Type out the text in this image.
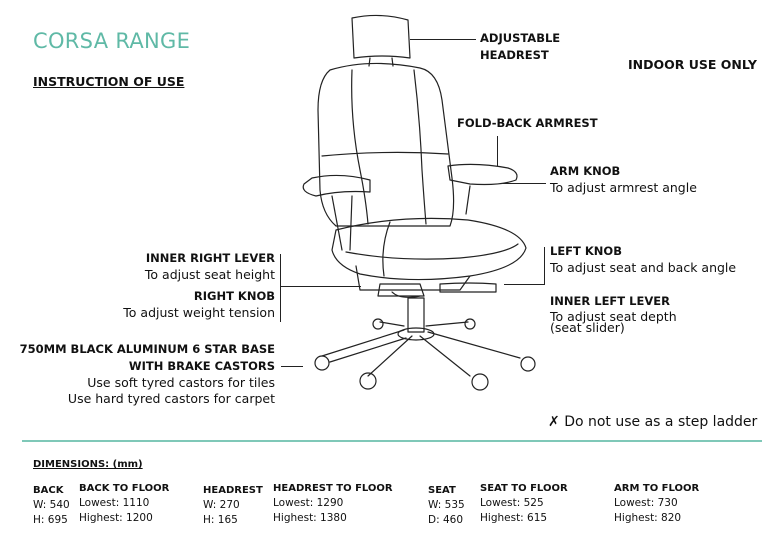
CORSA RANGE
INSTRUCTION OF USE
INDOOR USE ONLY
ADJUSTABLE
HEADREST
FOLD-BACK ARMREST
ARM KNOB
To adjust armrest angle
LEFT KNOB
To adjust seat and back angle
INNER LEFT LEVER
To adjust seat depth
(seat slider)
INNER RIGHT LEVER
To adjust seat height
RIGHT KNOB
To adjust weight tension
750MM BLACK ALUMINUM 6 STAR BASE
WITH BRAKE CASTORS
Use soft tyred castors for tiles
Use hard tyred castors for carpet
✗ Do not use as a step ladder
DIMENSIONS: (mm)
BACK
W: 540
H: 695
BACK TO FLOOR
Lowest: 1110
Highest: 1200
HEADREST
W: 270
H: 165
HEADREST TO FLOOR
Lowest: 1290
Highest: 1380
SEAT
W: 535
D: 460
SEAT TO FLOOR
Lowest: 525
Highest: 615
ARM TO FLOOR
Lowest: 730
Highest: 820
